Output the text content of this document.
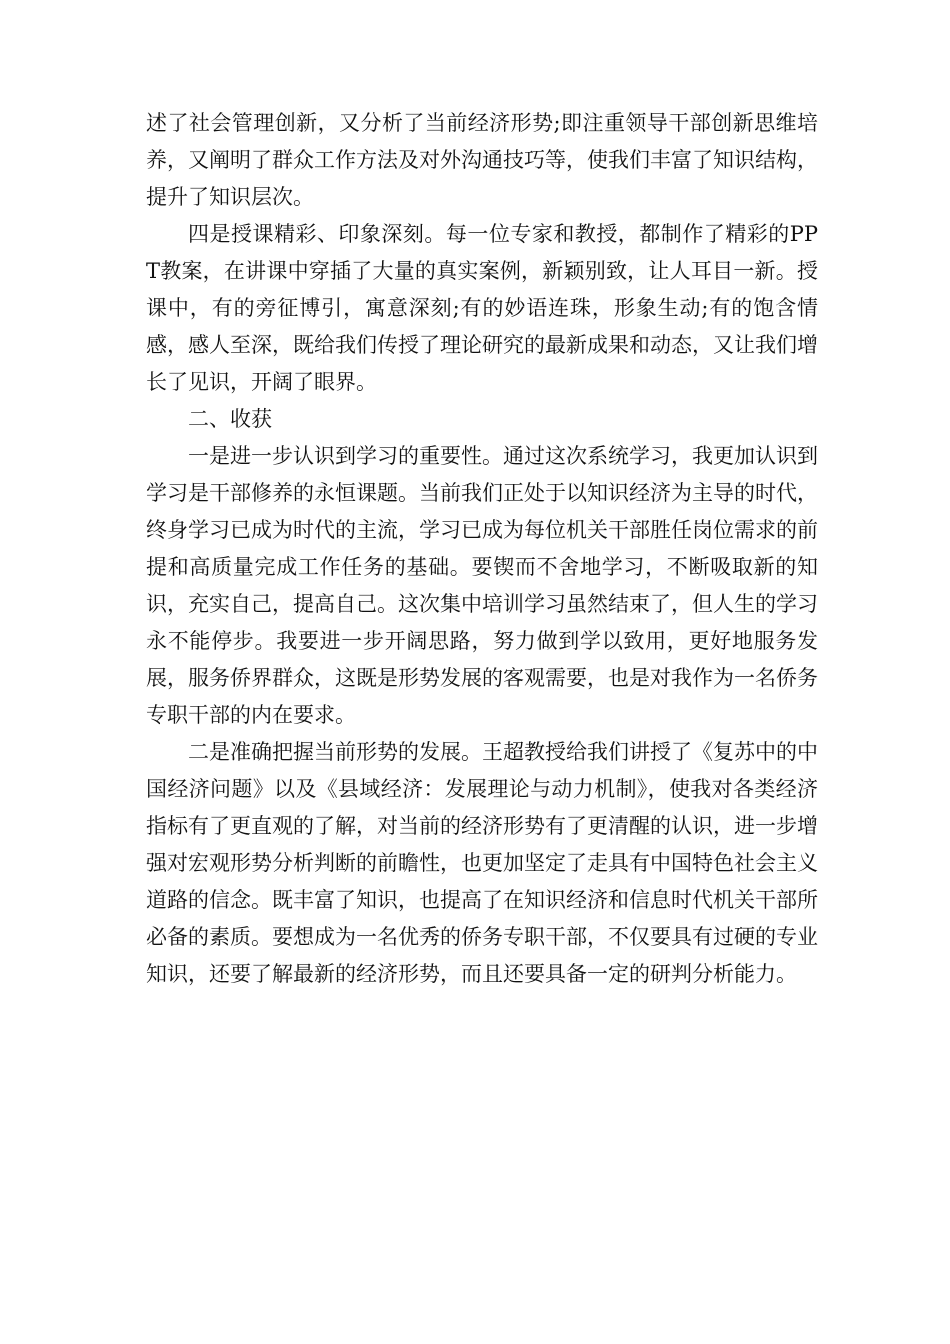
述了社会管理创新，又分析了当前经济形势;即注重领导干部创新思维培养，又阐明了群众工作方法及对外沟通技巧等，使我们丰富了知识结构，提升了知识层次。

四是授课精彩、印象深刻。每一位专家和教授，都制作了精彩的PPT教案，在讲课中穿插了大量的真实案例，新颖别致，让人耳目一新。授课中，有的旁征博引，寓意深刻;有的妙语连珠，形象生动;有的饱含情感，感人至深，既给我们传授了理论研究的最新成果和动态，又让我们增长了见识，开阔了眼界。

二、收获

一是进一步认识到学习的重要性。通过这次系统学习，我更加认识到学习是干部修养的永恒课题。当前我们正处于以知识经济为主导的时代，终身学习已成为时代的主流，学习已成为每位机关干部胜任岗位需求的前提和高质量完成工作任务的基础。要锲而不舍地学习，不断吸取新的知识，充实自己，提高自己。这次集中培训学习虽然结束了，但人生的学习永不能停步。我要进一步开阔思路，努力做到学以致用，更好地服务发展，服务侨界群众，这既是形势发展的客观需要，也是对我作为一名侨务专职干部的内在要求。

二是准确把握当前形势的发展。王超教授给我们讲授了《复苏中的中国经济问题》以及《县域经济：发展理论与动力机制》，使我对各类经济指标有了更直观的了解，对当前的经济形势有了更清醒的认识，进一步增强对宏观形势分析判断的前瞻性，也更加坚定了走具有中国特色社会主义道路的信念。既丰富了知识，也提高了在知识经济和信息时代机关干部所必备的素质。要想成为一名优秀的侨务专职干部，不仅要具有过硬的专业知识，还要了解最新的经济形势，而且还要具备一定的研判分析能力。
